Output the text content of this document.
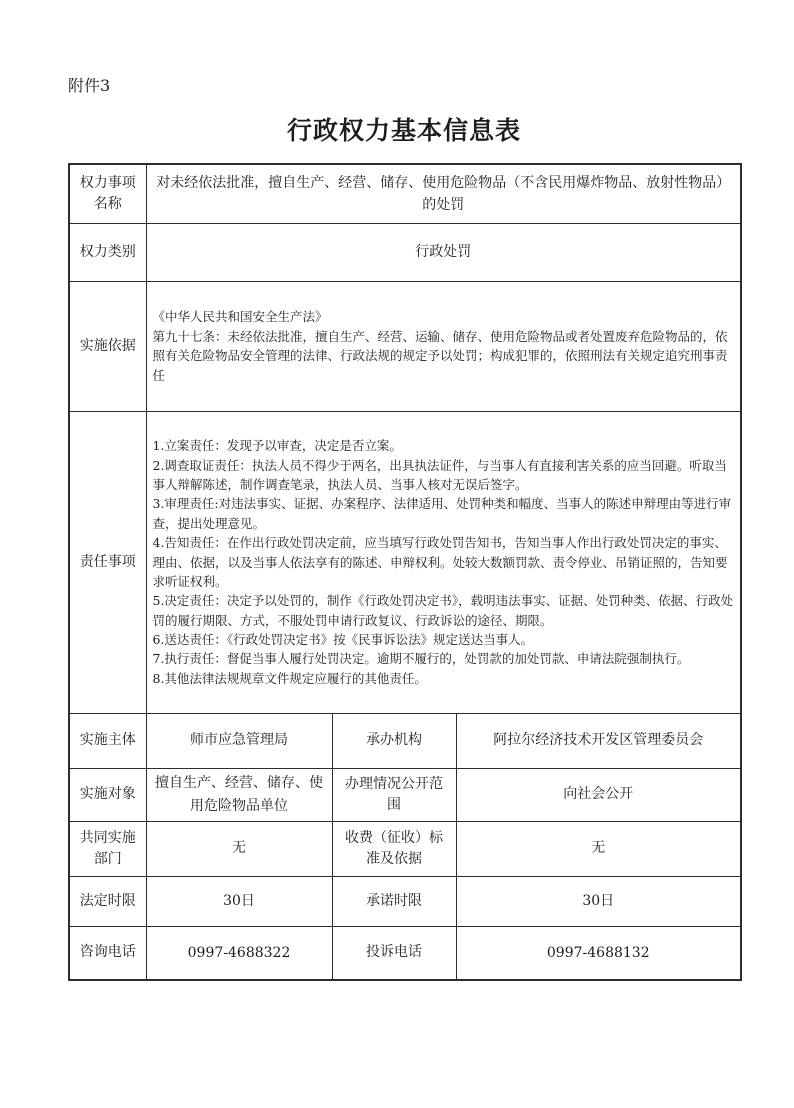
附件3
行政权力基本信息表
权力事项名称	对未经依法批准，擅自生产、经营、储存、使用危险物品（不含民用爆炸物品、放射性物品）的处罚		
权力类别	行政处罚		
实施依据	《中华人民共和国安全生产法》
第九十七条：未经依法批准，擅自生产、经营、运输、储存、使用危险物品或者处置废弃危险物品的，依照有关危险物品安全管理的法律、行政法规的规定予以处罚；构成犯罪的，依照刑法有关规定追究刑事责任		

责任事项	
1.立案责任：发现予以审查，决定是否立案。
2.调查取证责任：执法人员不得少于两名，出具执法证件，与当事人有直接利害关系的应当回避。听取当事人辩解陈述，制作调查笔录，执法人员、当事人核对无误后签字。
3.审理责任:对违法事实、证据、办案程序、法律适用、处罚种类和幅度、当事人的陈述申辩理由等进行审查，提出处理意见。
4.告知责任：在作出行政处罚决定前，应当填写行政处罚告知书，告知当事人作出行政处罚决定的事实、理由、依据，以及当事人依法享有的陈述、申辩权利。处较大数额罚款、责令停业、吊销证照的，告知要求听证权利。
5.决定责任：决定予以处罚的，制作《行政处罚决定书》，载明违法事实、证据、处罚种类、依据、行政处罚的履行期限、方式，不服处罚申请行政复议、行政诉讼的途径、期限。
6.送达责任：《行政处罚决定书》按《民事诉讼法》规定送达当事人。
7.执行责任：督促当事人履行处罚决定。逾期不履行的，处罚款的加处罚款、申请法院强制执行。
8.其他法律法规规章文件规定应履行的其他责任。

实施主体	师市应急管理局	承办机构	阿拉尔经济技术开发区管理委员会
实施对象	擅自生产、经营、储存、使用危险物品单位	办理情况公开范围	向社会公开
共同实施部门	无	收费（征收）标准及依据	无
法定时限	30日	承诺时限	30日
咨询电话	0997-4688322	投诉电话	0997-4688132
